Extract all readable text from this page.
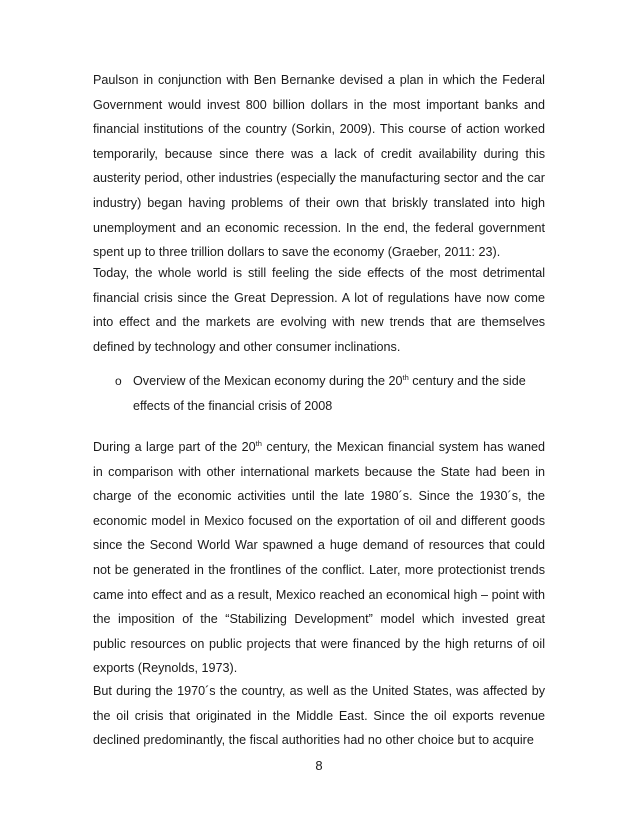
Paulson in conjunction with Ben Bernanke devised a plan in which the Federal Government would invest 800 billion dollars in the most important banks and financial institutions of the country (Sorkin, 2009). This course of action worked temporarily, because since there was a lack of credit availability during this austerity period, other industries (especially the manufacturing sector and the car industry) began having problems of their own that briskly translated into high unemployment and an economic recession. In the end, the federal government spent up to three trillion dollars to save the economy (Graeber, 2011: 23).

Today, the whole world is still feeling the side effects of the most detrimental financial crisis since the Great Depression. A lot of regulations have now come into effect and the markets are evolving with new trends that are themselves defined by technology and other consumer inclinations.

o Overview of the Mexican economy during the 20th century and the side effects of the financial crisis of 2008

During a large part of the 20th century, the Mexican financial system has waned in comparison with other international markets because the State had been in charge of the economic activities until the late 1980´s. Since the 1930´s, the economic model in Mexico focused on the exportation of oil and different goods since the Second World War spawned a huge demand of resources that could not be generated in the frontlines of the conflict. Later, more protectionist trends came into effect and as a result, Mexico reached an economical high – point with the imposition of the “Stabilizing Development” model which invested great public resources on public projects that were financed by the high returns of oil exports (Reynolds, 1973).

But during the 1970´s the country, as well as the United States, was affected by the oil crisis that originated in the Middle East. Since the oil exports revenue declined predominantly, the fiscal authorities had no other choice but to acquire

8
